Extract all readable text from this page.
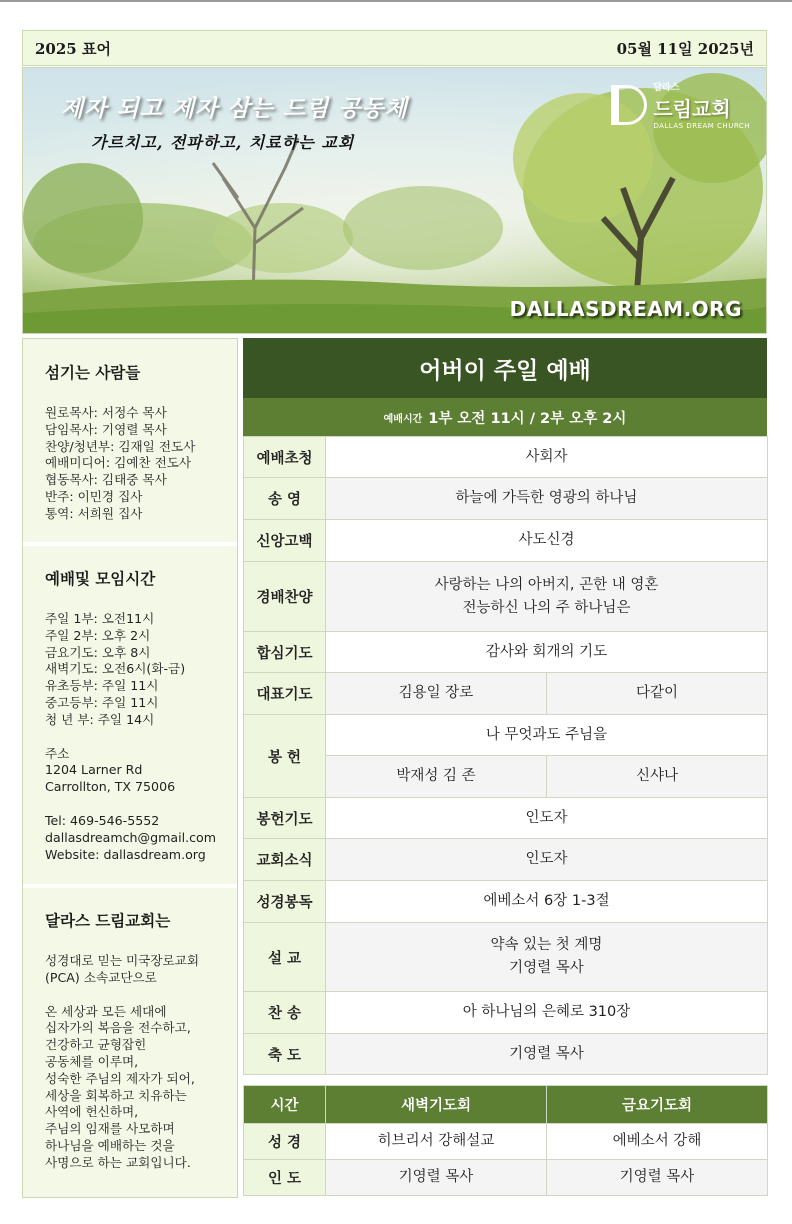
2025 표어	05월 11일 2025년
제자 되고 제자 삼는 드림 공동체
가르치고, 전파하고, 치료하는 교회
달라스
드림교회
DALLAS DREAM CHURCH
DALLASDREAM.ORG
섬기는 사람들
원로목사: 서정수 목사
담임목사: 기영렬 목사
찬양/청년부: 김재일 전도사
예배미디어: 김예찬 전도사
협동목사: 김태중 목사
반주: 이민경 집사
통역: 서희원 집사
예배및 모임시간
주일 1부: 오전11시
주일 2부: 오후 2시
금요기도: 오후 8시
새벽기도: 오전6시(화-금)
유초등부: 주일 11시
중고등부: 주일 11시
청 년 부: 주일 14시
주소
1204 Larner Rd
Carrollton, TX 75006
Tel: 469-546-5552
dallasdreamch@gmail.com
Website: dallasdream.org
달라스 드림교회는
성경대로 믿는 미국장로교회
(PCA) 소속교단으로
온 세상과 모든 세대에
십자가의 복음을 전수하고,
건강하고 균형잡힌
공동체를 이루며,
성숙한 주님의 제자가 되어,
세상을 회복하고 치유하는
사역에 헌신하며,
주님의 임재를 사모하며
하나님을 예배하는 것을
사명으로 하는 교회입니다.
어버이 주일 예배
예배시간 1부 오전 11시 / 2부 오후 2시
예배초청	사회자	
송 영	하늘에 가득한 영광의 하나님	
신앙고백	사도신경	
경배찬양	사랑하는 나의 아버지, 곤한 내 영혼
전능하신 나의 주 하나님은	

합심기도	감사와 회개의 기도	
대표기도	김용일 장로	다같이
봉 헌	나 무엇과도 주님을	
	박재성 김 존	신샤나
봉헌기도	인도자	
교회소식	인도자	
성경봉독	에베소서 6장 1-3절	
설 교	약속 있는 첫 계명
기영렬 목사	

찬 송	아 하나님의 은혜로 310장	
축 도	기영렬 목사	
시간	새벽기도회	금요기도회
성 경	히브리서 강해설교	에베소서 강해
인 도	기영렬 목사	기영렬 목사
